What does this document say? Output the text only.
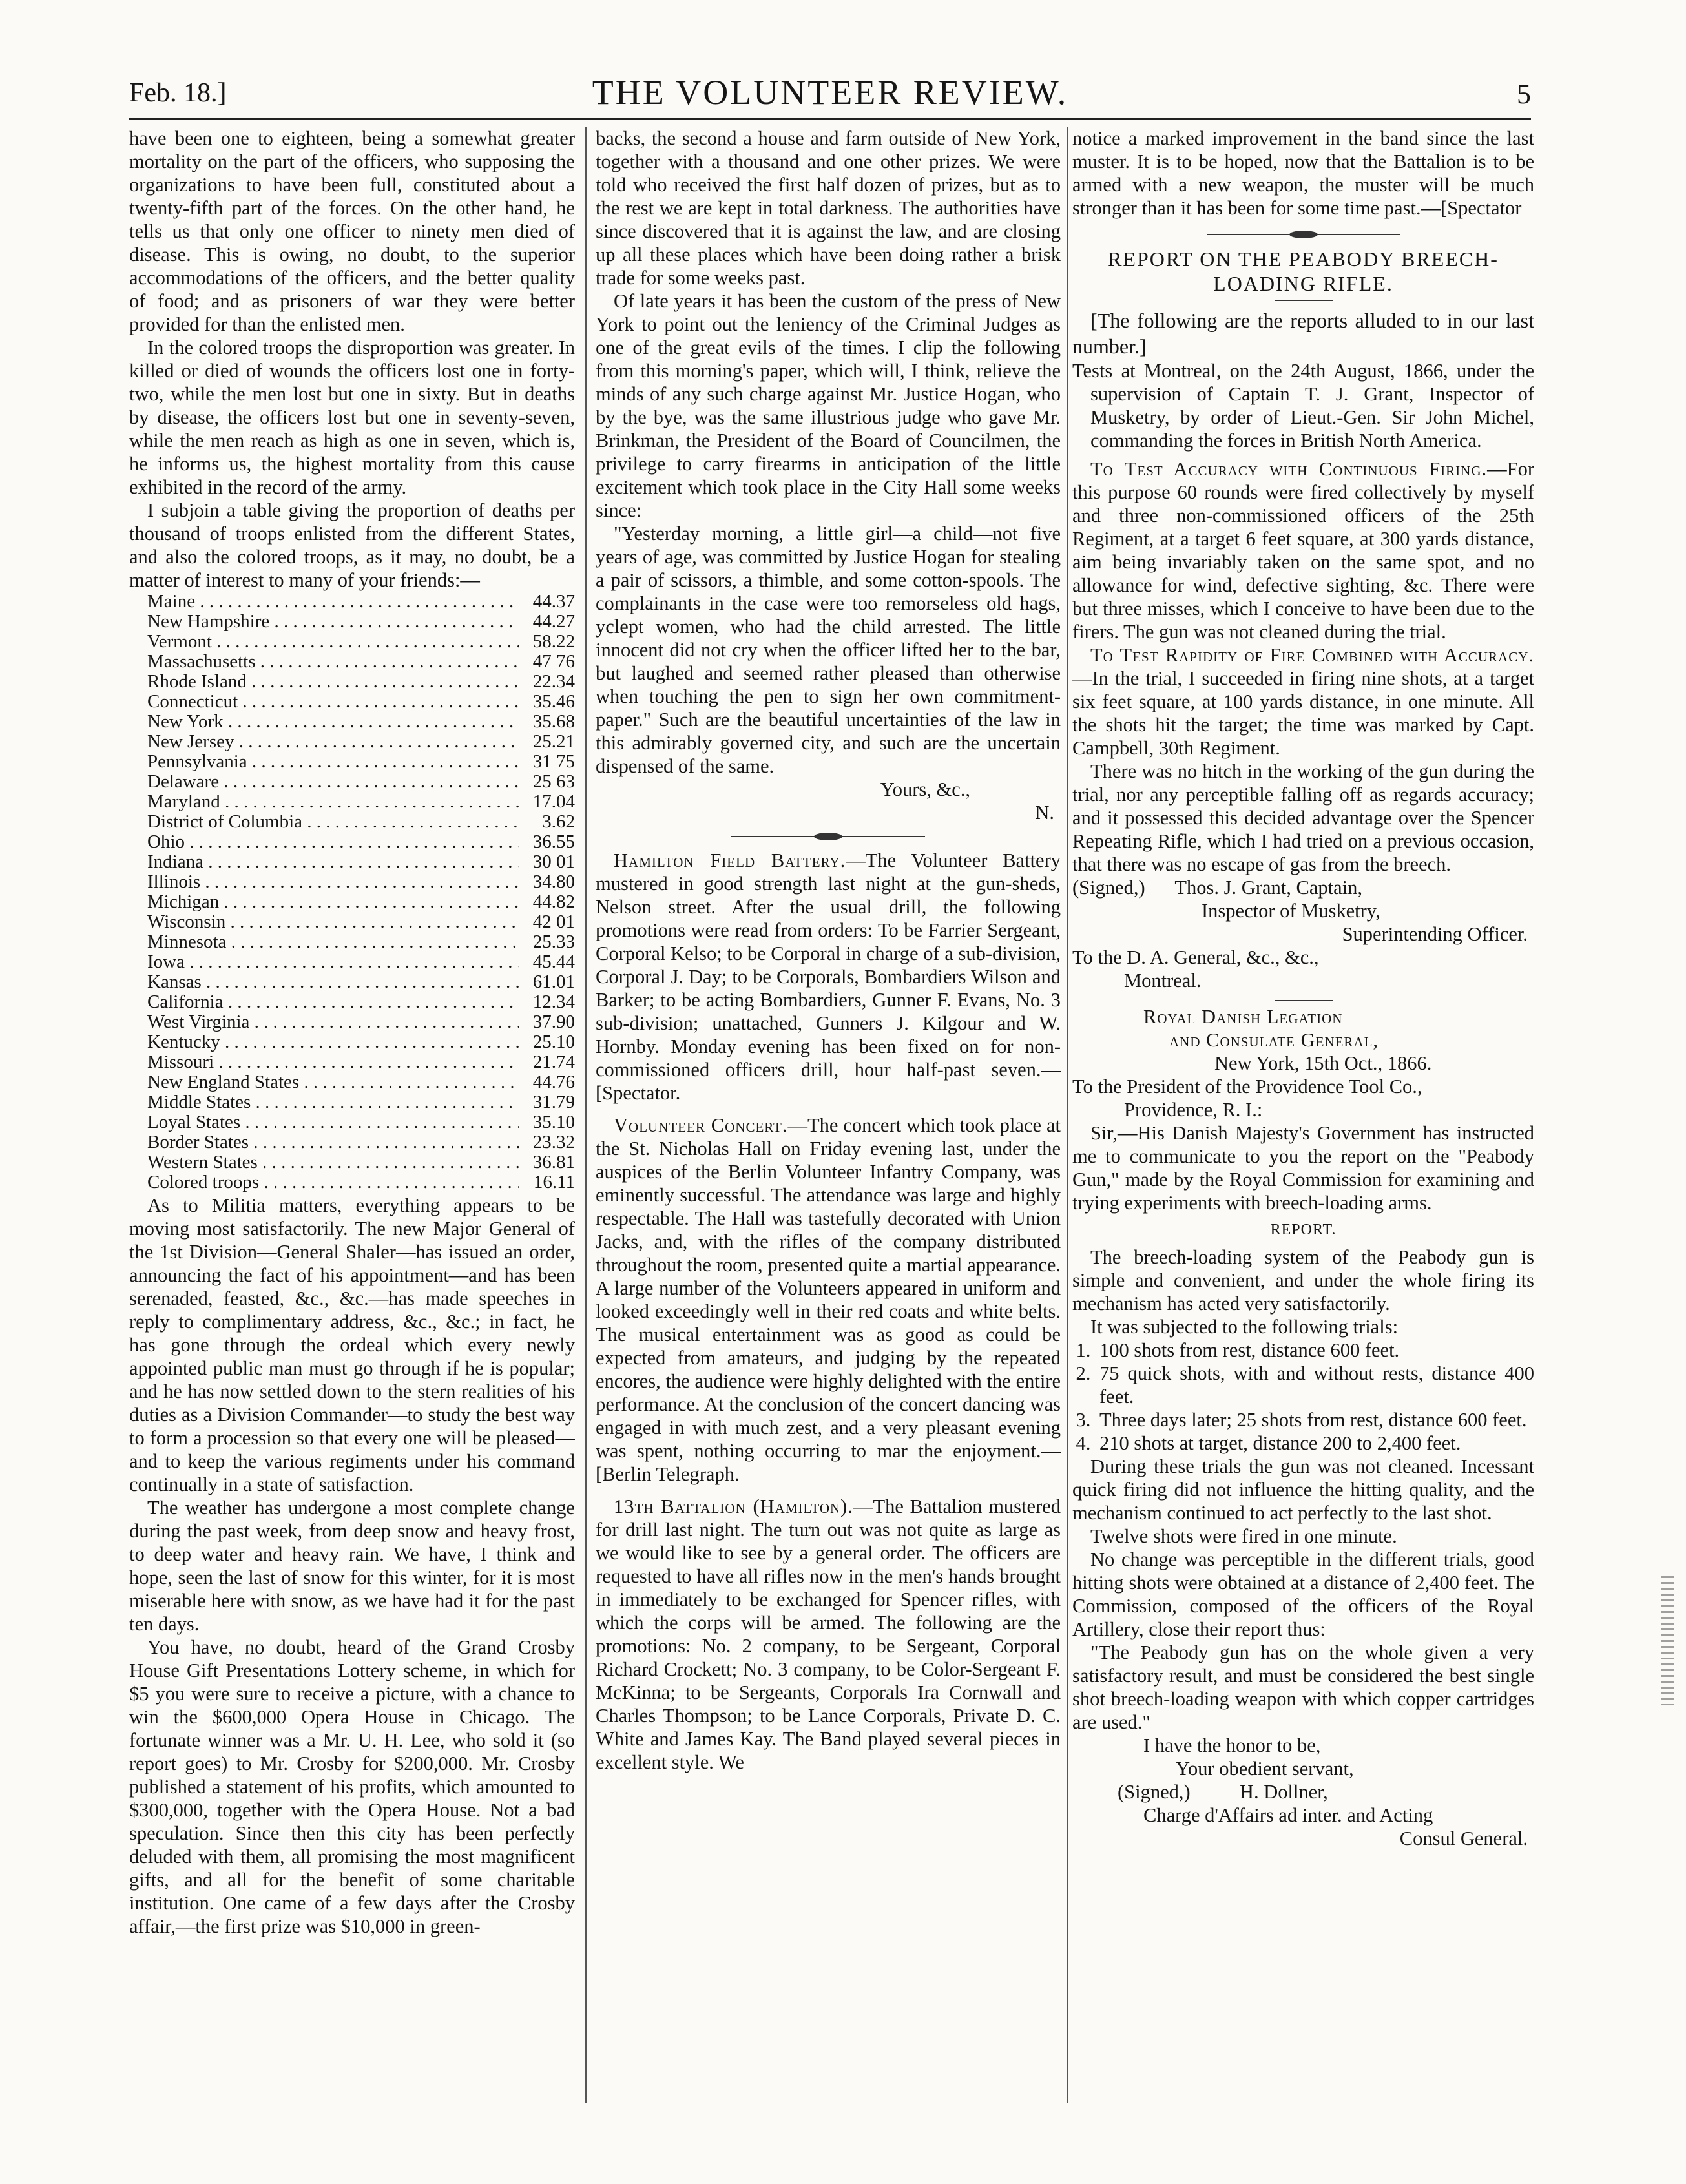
Feb. 18.]	THE VOLUNTEER REVIEW.	5

have been one to eighteen, being a somewhat greater mortality on the part of the officers, who supposing the organizations to have been full, constituted about a twenty-fifth part of the forces. On the other hand, he tells us that only one officer to ninety men died of disease. This is owing, no doubt, to the superior accommodations of the officers, and the better quality of food; and as prisoners of war they were better provided for than the enlisted men.

In the colored troops the disproportion was greater. In killed or died of wounds the officers lost one in forty-two, while the men lost but one in sixty. But in deaths by disease, the officers lost but one in seventy-seven, while the men reach as high as one in seven, which is, he informs us, the highest mortality from this cause exhibited in the record of the army.

I subjoin a table giving the proportion of deaths per thousand of troops enlisted from the different States, and also the colored troops, as it may, no doubt, be a matter of interest to many of your friends:—

Maine . . .	44.37
New Hampshire . . .	44.27
Vermont . . .	58.22
Massachusetts . . .	47 76
Rhode Island . . .	22.34
Connecticut . . .	35.46
New York . . .	35.68
New Jersey . . .	25.21
Pennsylvania . . .	31 75
Delaware . . .	25 63
Maryland . . .	17.04
District of Columbia . . .	3.62
Ohio . . .	36.55
Indiana . . .	30 01
Illinois . . .	34.80
Michigan . . .	44.82
Wisconsin . . .	42 01
Minnesota . . .	25.33
Iowa . . .	45.44
Kansas . . .	61.01
California . . .	12.34
West Virginia . . .	37.90
Kentucky . . .	25.10
Missouri . . .	21.74
New England States . . .	44.76
Middle States . . .	31.79
Loyal States . . .	35.10
Border States . . .	23.32
Western States . . .	36.81
Colored troops . . .	16.11

As to Militia matters, everything appears to be moving most satisfactorily. The new Major General of the 1st Division—General Shaler—has issued an order, announcing the fact of his appointment—and has been serenaded, feasted, &c., &c.—has made speeches in reply to complimentary address, &c., &c.; in fact, he has gone through the ordeal which every newly appointed public man must go through if he is popular; and he has now settled down to the stern realities of his duties as a Division Commander—to study the best way to form a procession so that every one will be pleased—and to keep the various regiments under his command continually in a state of satisfaction.

The weather has undergone a most complete change during the past week, from deep snow and heavy frost, to deep water and heavy rain. We have, I think and hope, seen the last of snow for this winter, for it is most miserable here with snow, as we have had it for the past ten days.

You have, no doubt, heard of the Grand Crosby House Gift Presentations Lottery scheme, in which for $5 you were sure to receive a picture, with a chance to win the $600,000 Opera House in Chicago. The fortunate winner was a Mr. U. H. Lee, who sold it (so report goes) to Mr. Crosby for $200,000. Mr. Crosby published a statement of his profits, which amounted to $300,000, together with the Opera House. Not a bad speculation. Since then this city has been perfectly deluded with them, all promising the most magnificent gifts, and all for the benefit of some charitable institution. One came of a few days after the Crosby affair,—the first prize was $10,000 in green-

backs, the second a house and farm outside of New York, together with a thousand and one other prizes. We were told who received the first half dozen of prizes, but as to the rest we are kept in total darkness. The authorities have since discovered that it is against the law, and are closing up all these places which have been doing rather a brisk trade for some weeks past.

Of late years it has been the custom of the press of New York to point out the leniency of the Criminal Judges as one of the great evils of the times. I clip the following from this morning's paper, which will, I think, relieve the minds of any such charge against Mr. Justice Hogan, who by the bye, was the same illustrious judge who gave Mr. Brinkman, the President of the Board of Councilmen, the privilege to carry firearms in anticipation of the little excitement which took place in the City Hall some weeks since:

"Yesterday morning, a little girl—a child—not five years of age, was committed by Justice Hogan for stealing a pair of scissors, a thimble, and some cotton-spools. The complainants in the case were too remorseless old hags, yclept women, who had the child arrested. The little innocent did not cry when the officer lifted her to the bar, but laughed and seemed rather pleased than otherwise when touching the pen to sign her own commitment-paper." Such are the beautiful uncertainties of the law in this admirably governed city, and such are the uncertain dispensed of the same.

Yours, &c.,

N.

Hamilton Field Battery.—The Volunteer Battery mustered in good strength last night at the gun-sheds, Nelson street. After the usual drill, the following promotions were read from orders: To be Farrier Sergeant, Corporal Kelso; to be Corporal in charge of a sub-division, Corporal J. Day; to be Corporals, Bombardiers Wilson and Barker; to be acting Bombardiers, Gunner F. Evans, No. 3 sub-division; unattached, Gunners J. Kilgour and W. Hornby. Monday evening has been fixed on for non-commissioned officers drill, hour half-past seven.—[Spectator.

Volunteer Concert.—The concert which took place at the St. Nicholas Hall on Friday evening last, under the auspices of the Berlin Volunteer Infantry Company, was eminently successful. The attendance was large and highly respectable. The Hall was tastefully decorated with Union Jacks, and, with the rifles of the company distributed throughout the room, presented quite a martial appearance. A large number of the Volunteers appeared in uniform and looked exceedingly well in their red coats and white belts. The musical entertainment was as good as could be expected from amateurs, and judging by the repeated encores, the audience were highly delighted with the entire performance. At the conclusion of the concert dancing was engaged in with much zest, and a very pleasant evening was spent, nothing occurring to mar the enjoyment.—[Berlin Telegraph.

13th Battalion (Hamilton).—The Battalion mustered for drill last night. The turn out was not quite as large as we would like to see by a general order. The officers are requested to have all rifles now in the men's hands brought in immediately to be exchanged for Spencer rifles, with which the corps will be armed. The following are the promotions: No. 2 company, to be Sergeant, Corporal Richard Crockett; No. 3 company, to be Color-Sergeant F. McKinna; to be Sergeants, Corporals Ira Cornwall and Charles Thompson; to be Lance Corporals, Private D. C. White and James Kay. The Band played several pieces in excellent style. We

notice a marked improvement in the band since the last muster. It is to be hoped, now that the Battalion is to be armed with a new weapon, the muster will be much stronger than it has been for some time past.—[Spectator

REPORT ON THE PEABODY BREECH-LOADING RIFLE.

[The following are the reports alluded to in our last number.]

Tests at Montreal, on the 24th August, 1866, under the supervision of Captain T. J. Grant, Inspector of Musketry, by order of Lieut.-Gen. Sir John Michel, commanding the forces in British North America.

To Test Accuracy with Continuous Firing.—For this purpose 60 rounds were fired collectively by myself and three non-commissioned officers of the 25th Regiment, at a target 6 feet square, at 300 yards distance, aim being invariably taken on the same spot, and no allowance for wind, defective sighting, &c. There were but three misses, which I conceive to have been due to the firers. The gun was not cleaned during the trial.

To Test Rapidity of Fire Combined with Accuracy.—In the trial, I succeeded in firing nine shots, at a target six feet square, at 100 yards distance, in one minute. All the shots hit the target; the time was marked by Capt. Campbell, 30th Regiment.

There was no hitch in the working of the gun during the trial, nor any perceptible falling off as regards accuracy; and it possessed this decided advantage over the Spencer Repeating Rifle, which I had tried on a previous occasion, that there was no escape of gas from the breech.

(Signed,) Thos. J. Grant, Captain,

Inspector of Musketry,

Superintending Officer.

To the D. A. General, &c., &c.,

Montreal.

Royal Danish Legation

and Consulate General,

New York, 15th Oct., 1866.

To the President of the Providence Tool Co.,

Providence, R. I.:

Sir,—His Danish Majesty's Government has instructed me to communicate to you the report on the "Peabody Gun," made by the Royal Commission for examining and trying experiments with breech-loading arms.

REPORT.

The breech-loading system of the Peabody gun is simple and convenient, and under the whole firing its mechanism has acted very satisfactorily.

It was subjected to the following trials:

1. 100 shots from rest, distance 600 feet.
2. 75 quick shots, with and without rests, distance 400 feet.
3. Three days later; 25 shots from rest, distance 600 feet.
4. 210 shots at target, distance 200 to 2,400 feet.

During these trials the gun was not cleaned. Incessant quick firing did not influence the hitting quality, and the mechanism continued to act perfectly to the last shot.

Twelve shots were fired in one minute.

No change was perceptible in the different trials, good hitting shots were obtained at a distance of 2,400 feet. The Commission, composed of the officers of the Royal Artillery, close their report thus:

"The Peabody gun has on the whole given a very satisfactory result, and must be considered the best single shot breech-loading weapon with which copper cartridges are used."

I have the honor to be,

Your obedient servant,

(Signed,)	H. Dollner,

Charge d'Affairs ad inter. and Acting

Consul General.
